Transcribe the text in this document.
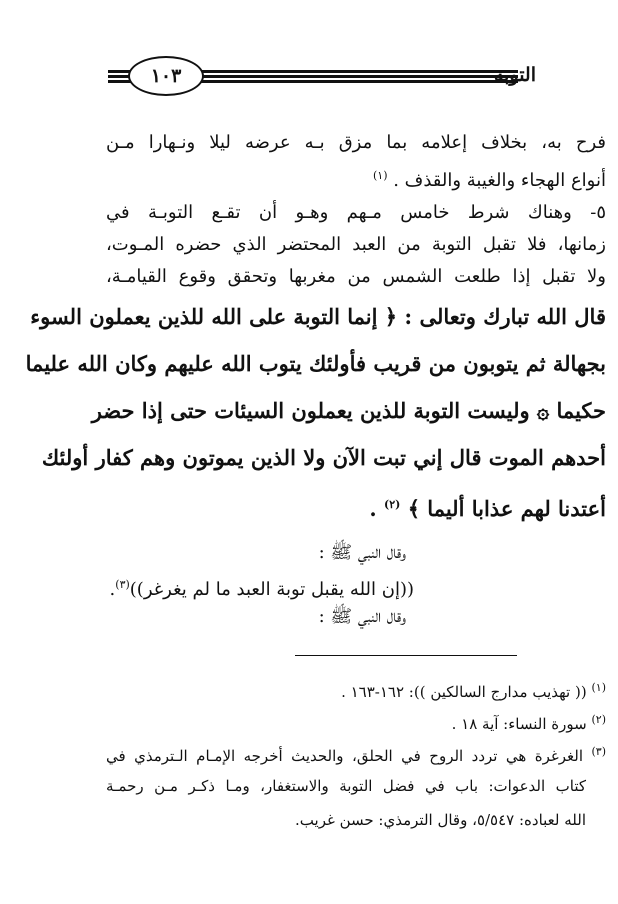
التوبة
١٠٣
فرح به، بخلاف إعلامه بما مزق بـه عرضه ليلا ونـهارا مـن
أنواع الهجاء والغيبة والقذف . $^{(١)}$
٥- وهناك شرط خامس مـهم وهـو أن تقـع التوبـة في
زمانها، فلا تقبل التوبة من العبد المحتضر الذي حضره المـوت،
ولا تقبل إذا طلعت الشمس من مغربها وتحقق وقوع القيامـة،
قال الله تبارك وتعالى : ﴿ إنما التوبة على الله للذين يعملون السوء
بجهالة ثم يتوبون من قريب فأولئك يتوب الله عليهم وكان الله عليما
حكيما ۞ وليست التوبة للذين يعملون السيئات حتى إذا حضر
أحدهم الموت قال إني تبت الآن ولا الذين يموتون وهم كفار أولئك
أعتدنا لهم عذابا أليما ﴾ $^{(٢)}$ .
وقال النبي ﷺ :
((إن الله يقبل توبة العبد ما لم يغرغر))$^{(٣)}$.
وقال النبي ﷺ :
$^{(١)}$ (( تهذيب مدارج السالكين )): ١٦٢-١٦٣ .
$^{(٢)}$ سورة النساء: آية ١٨ .
$^{(٣)}$ الغرغرة هي تردد الروح في الحلق، والحديث أخرجه الإمـام الـترمذي في
كتاب الدعوات: باب في فضل التوبة والاستغفار، ومـا ذكـر مـن رحمـة
الله لعباده: ٥/٥٤٧، وقال الترمذي: حسن غريب.
